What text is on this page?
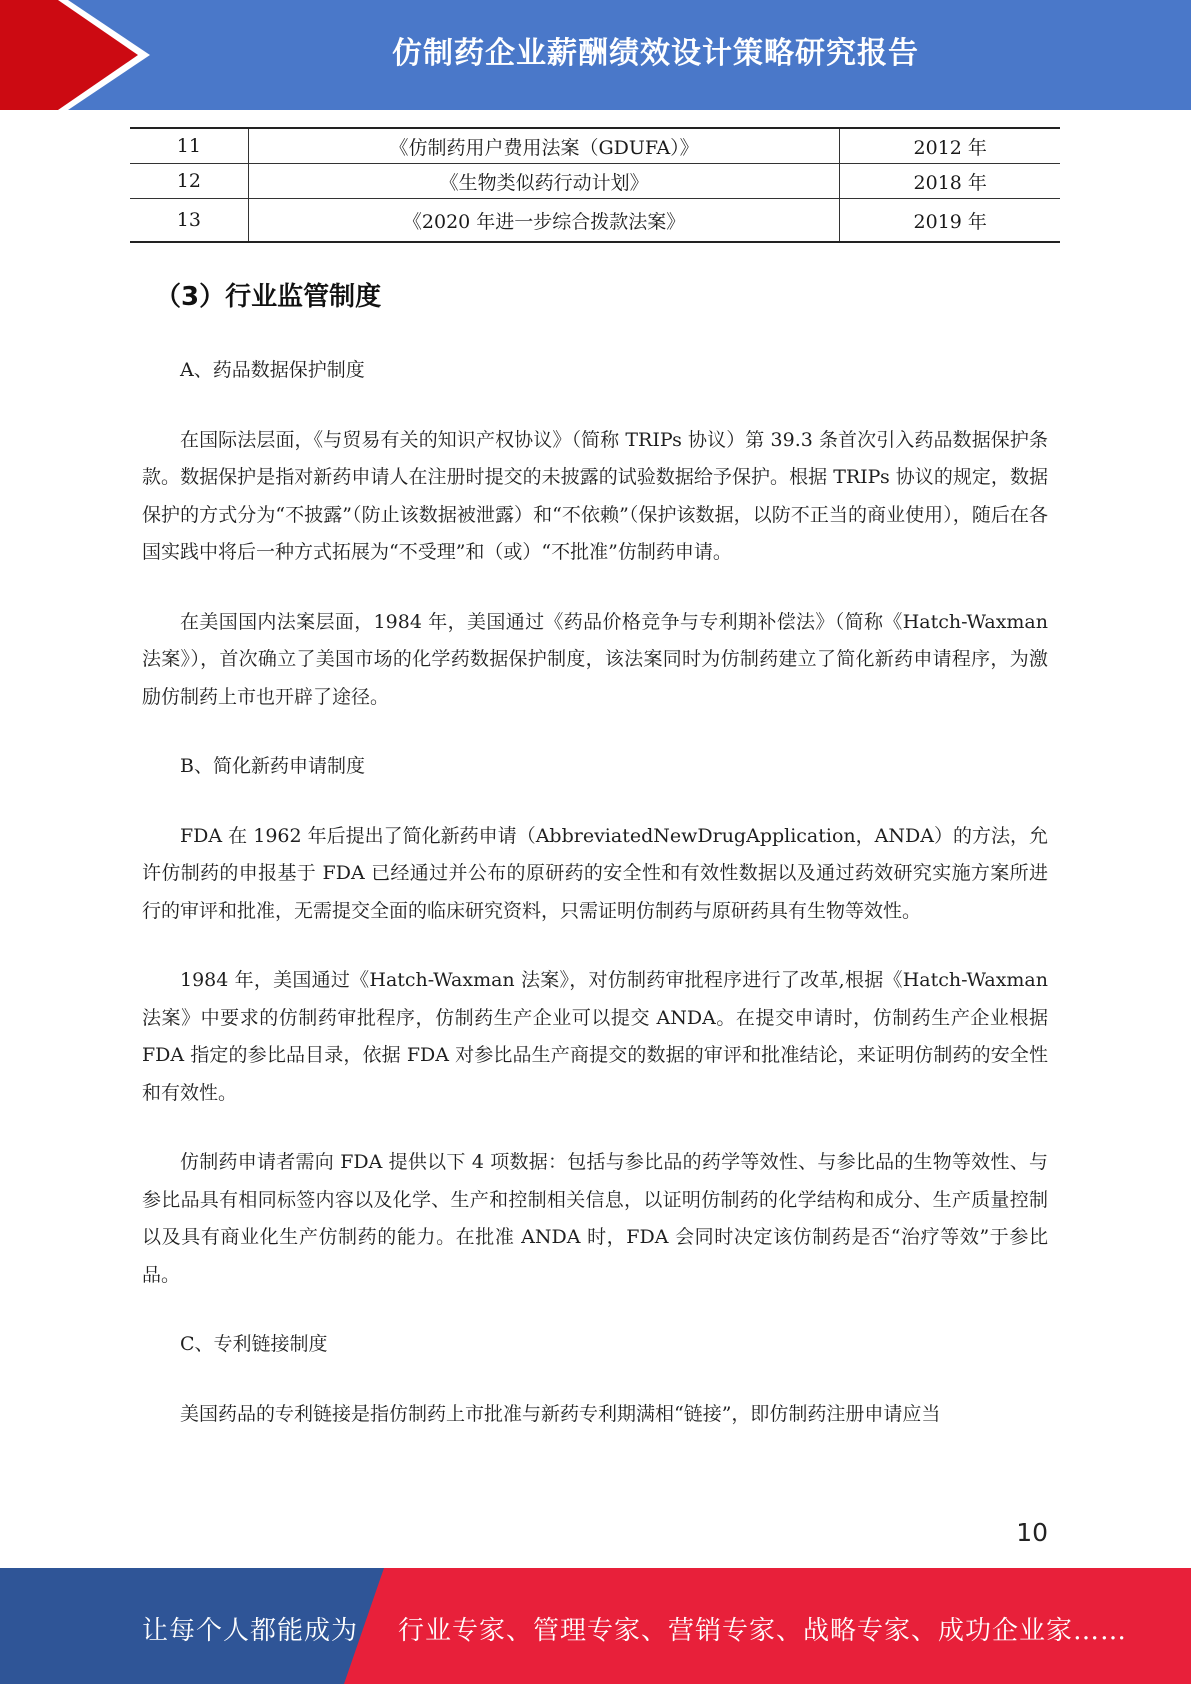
仿制药企业薪酬绩效设计策略研究报告
11	《仿制药用户费用法案（GDUFA）》	2012 年
12	《生物类似药行动计划》	2018 年
13	《2020 年进一步综合拨款法案》	2019 年
（3）行业监管制度

A、药品数据保护制度

在国际法层面，《与贸易有关的知识产权协议》（简称 TRIPs 协议）第 39.3 条首次引入药品数据保护条款。数据保护是指对新药申请人在注册时提交的未披露的试验数据给予保护。根据 TRIPs 协议的规定，数据保护的方式分为“不披露”（防止该数据被泄露）和“不依赖”（保护该数据，以防不正当的商业使用），随后在各国实践中将后一种方式拓展为“不受理”和（或）“不批准”仿制药申请。

在美国国内法案层面，1984 年，美国通过《药品价格竞争与专利期补偿法》（简称《Hatch-Waxman 法案》），首次确立了美国市场的化学药数据保护制度，该法案同时为仿制药建立了简化新药申请程序，为激励仿制药上市也开辟了途径。

B、简化新药申请制度

FDA 在 1962 年后提出了简化新药申请（AbbreviatedNewDrugApplication，ANDA）的方法，允许仿制药的申报基于 FDA 已经通过并公布的原研药的安全性和有效性数据以及通过药效研究实施方案所进行的审评和批准，无需提交全面的临床研究资料，只需证明仿制药与原研药具有生物等效性。

1984 年，美国通过《Hatch-Waxman 法案》，对仿制药审批程序进行了改革,根据《Hatch-Waxman 法案》中要求的仿制药审批程序，仿制药生产企业可以提交 ANDA。在提交申请时，仿制药生产企业根据 FDA 指定的参比品目录，依据 FDA 对参比品生产商提交的数据的审评和批准结论，来证明仿制药的安全性和有效性。

仿制药申请者需向 FDA 提供以下 4 项数据：包括与参比品的药学等效性、与参比品的生物等效性、与参比品具有相同标签内容以及化学、生产和控制相关信息，以证明仿制药的化学结构和成分、生产质量控制以及具有商业化生产仿制药的能力。在批准 ANDA 时，FDA 会同时决定该仿制药是否“治疗等效”于参比品。

C、专利链接制度

美国药品的专利链接是指仿制药上市批准与新药专利期满相“链接”，即仿制药注册申请应当

10
让每个人都能成为 行业专家、管理专家、营销专家、战略专家、成功企业家……
